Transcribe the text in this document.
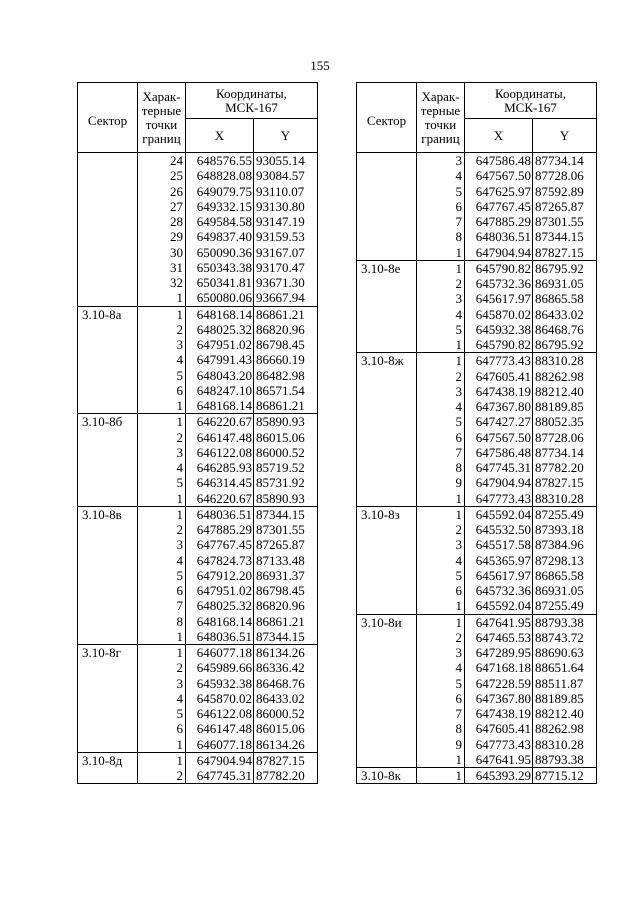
155
Сектор	Харак-
терные
точки
границ	Координаты,
МСК-167	
		X	Y
	24	648576.55	93055.14
	25	648828.08	93084.57
	26	649079.75	93110.07
	27	649332.15	93130.80
	28	649584.58	93147.19
	29	649837.40	93159.53
	30	650090.36	93167.07
	31	650343.38	93170.47
	32	650341.81	93671.30
	1	650080.06	93667.94
3.10-8а	1	648168.14	86861.21
	2	648025.32	86820.96
	3	647951.02	86798.45
	4	647991.43	86660.19
	5	648043.20	86482.98
	6	648247.10	86571.54
	1	648168.14	86861.21
3.10-8б	1	646220.67	85890.93
	2	646147.48	86015.06
	3	646122.08	86000.52
	4	646285.93	85719.52
	5	646314.45	85731.92
	1	646220.67	85890.93
3.10-8в	1	648036.51	87344.15
	2	647885.29	87301.55
	3	647767.45	87265.87
	4	647824.73	87133.48
	5	647912.20	86931.37
	6	647951.02	86798.45
	7	648025.32	86820.96
	8	648168.14	86861.21
	1	648036.51	87344.15
3.10-8г	1	646077.18	86134.26
	2	645989.66	86336.42
	3	645932.38	86468.76
	4	645870.02	86433.02
	5	646122.08	86000.52
	6	646147.48	86015.06
	1	646077.18	86134.26
3.10-8д	1	647904.94	87827.15
	2	647745.31	87782.20
Сектор	Харак-
терные
точки
границ	Координаты,
МСК-167	
		X	Y
	3	647586.48	87734.14
	4	647567.50	87728.06
	5	647625.97	87592.89
	6	647767.45	87265.87
	7	647885.29	87301.55
	8	648036.51	87344.15
	1	647904.94	87827.15
3.10-8е	1	645790.82	86795.92
	2	645732.36	86931.05
	3	645617.97	86865.58
	4	645870.02	86433.02
	5	645932.38	86468.76
	1	645790.82	86795.92
3.10-8ж	1	647773.43	88310.28
	2	647605.41	88262.98
	3	647438.19	88212.40
	4	647367.80	88189.85
	5	647427.27	88052.35
	6	647567.50	87728.06
	7	647586.48	87734.14
	8	647745.31	87782.20
	9	647904.94	87827.15
	1	647773.43	88310.28
3.10-8з	1	645592.04	87255.49
	2	645532.50	87393.18
	3	645517.58	87384.96
	4	645365.97	87298.13
	5	645617.97	86865.58
	6	645732.36	86931.05
	1	645592.04	87255.49
3.10-8и	1	647641.95	88793.38
	2	647465.53	88743.72
	3	647289.95	88690.63
	4	647168.18	88651.64
	5	647228.59	88511.87
	6	647367.80	88189.85
	7	647438.19	88212.40
	8	647605.41	88262.98
	9	647773.43	88310.28
	1	647641.95	88793.38
3.10-8к	1	645393.29	87715.12
